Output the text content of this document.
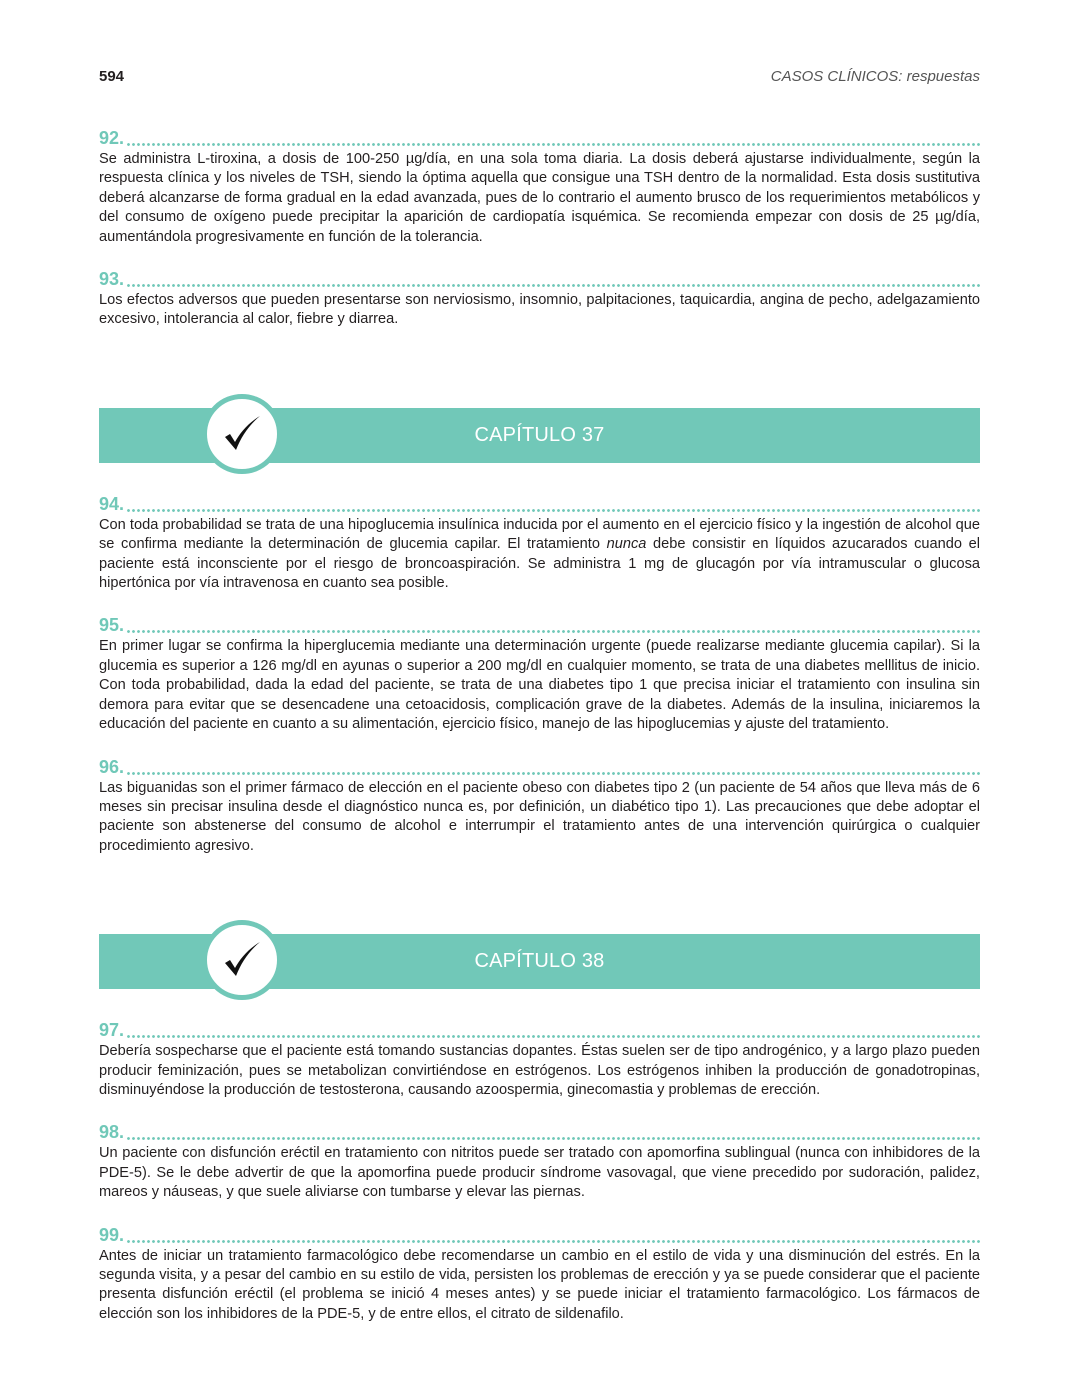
594	CASOS CLÍNICOS: respuestas
92.

Se administra L-tiroxina, a dosis de 100-250 µg/día, en una sola toma diaria. La dosis deberá ajustarse individualmente, según la respuesta clínica y los niveles de TSH, siendo la óptima aquella que consigue una TSH dentro de la normalidad. Esta dosis sustitutiva deberá alcanzarse de forma gradual en la edad avanzada, pues de lo contrario el aumento brusco de los requerimientos metabólicos y del consumo de oxígeno puede precipitar la aparición de cardiopatía isquémica. Se recomienda empezar con dosis de 25 µg/día, aumentándola progresivamente en función de la tolerancia.

93.

Los efectos adversos que pueden presentarse son nerviosismo, insomnio, palpitaciones, taquicardia, angina de pecho, adelgazamiento excesivo, intolerancia al calor, fiebre y diarrea.

CAPÍTULO 37
94.

Con toda probabilidad se trata de una hipoglucemia insulínica inducida por el aumento en el ejercicio físico y la ingestión de alcohol que se confirma mediante la determinación de glucemia capilar. El tratamiento nunca debe consistir en líquidos azucarados cuando el paciente está inconsciente por el riesgo de broncoaspiración. Se administra 1 mg de glucagón por vía intramuscular o glucosa hipertónica por vía intravenosa en cuanto sea posible.

95.

En primer lugar se confirma la hiperglucemia mediante una determinación urgente (puede realizarse mediante glucemia capilar). Si la glucemia es superior a 126 mg/dl en ayunas o superior a 200 mg/dl en cualquier momento, se trata de una diabetes melllitus de inicio. Con toda probabilidad, dada la edad del paciente, se trata de una diabetes tipo 1 que precisa iniciar el tratamiento con insulina sin demora para evitar que se desencadene una cetoacidosis, complicación grave de la diabetes. Además de la insulina, iniciaremos la educación del paciente en cuanto a su alimentación, ejercicio físico, manejo de las hipoglucemias y ajuste del tratamiento.

96.

Las biguanidas son el primer fármaco de elección en el paciente obeso con diabetes tipo 2 (un paciente de 54 años que lleva más de 6 meses sin precisar insulina desde el diagnóstico nunca es, por definición, un diabético tipo 1). Las precauciones que debe adoptar el paciente son abstenerse del consumo de alcohol e interrumpir el tratamiento antes de una intervención quirúrgica o cualquier procedimiento agresivo.

CAPÍTULO 38
97.

Debería sospecharse que el paciente está tomando sustancias dopantes. Éstas suelen ser de tipo androgénico, y a largo plazo pueden producir feminización, pues se metabolizan convirtiéndose en estrógenos. Los estrógenos inhiben la producción de gonadotropinas, disminuyéndose la producción de testosterona, causando azoospermia, ginecomastia y problemas de erección.

98.

Un paciente con disfunción eréctil en tratamiento con nitritos puede ser tratado con apomorfina sublingual (nunca con inhibidores de la PDE-5). Se le debe advertir de que la apomorfina puede producir síndrome vasovagal, que viene precedido por sudoración, palidez, mareos y náuseas, y que suele aliviarse con tumbarse y elevar las piernas.

99.

Antes de iniciar un tratamiento farmacológico debe recomendarse un cambio en el estilo de vida y una disminución del estrés. En la segunda visita, y a pesar del cambio en su estilo de vida, persisten los problemas de erección y ya se puede considerar que el paciente presenta disfunción eréctil (el problema se inició 4 meses antes) y se puede iniciar el tratamiento farmacológico. Los fármacos de elección son los inhibidores de la PDE-5, y de entre ellos, el citrato de sildenafilo.
